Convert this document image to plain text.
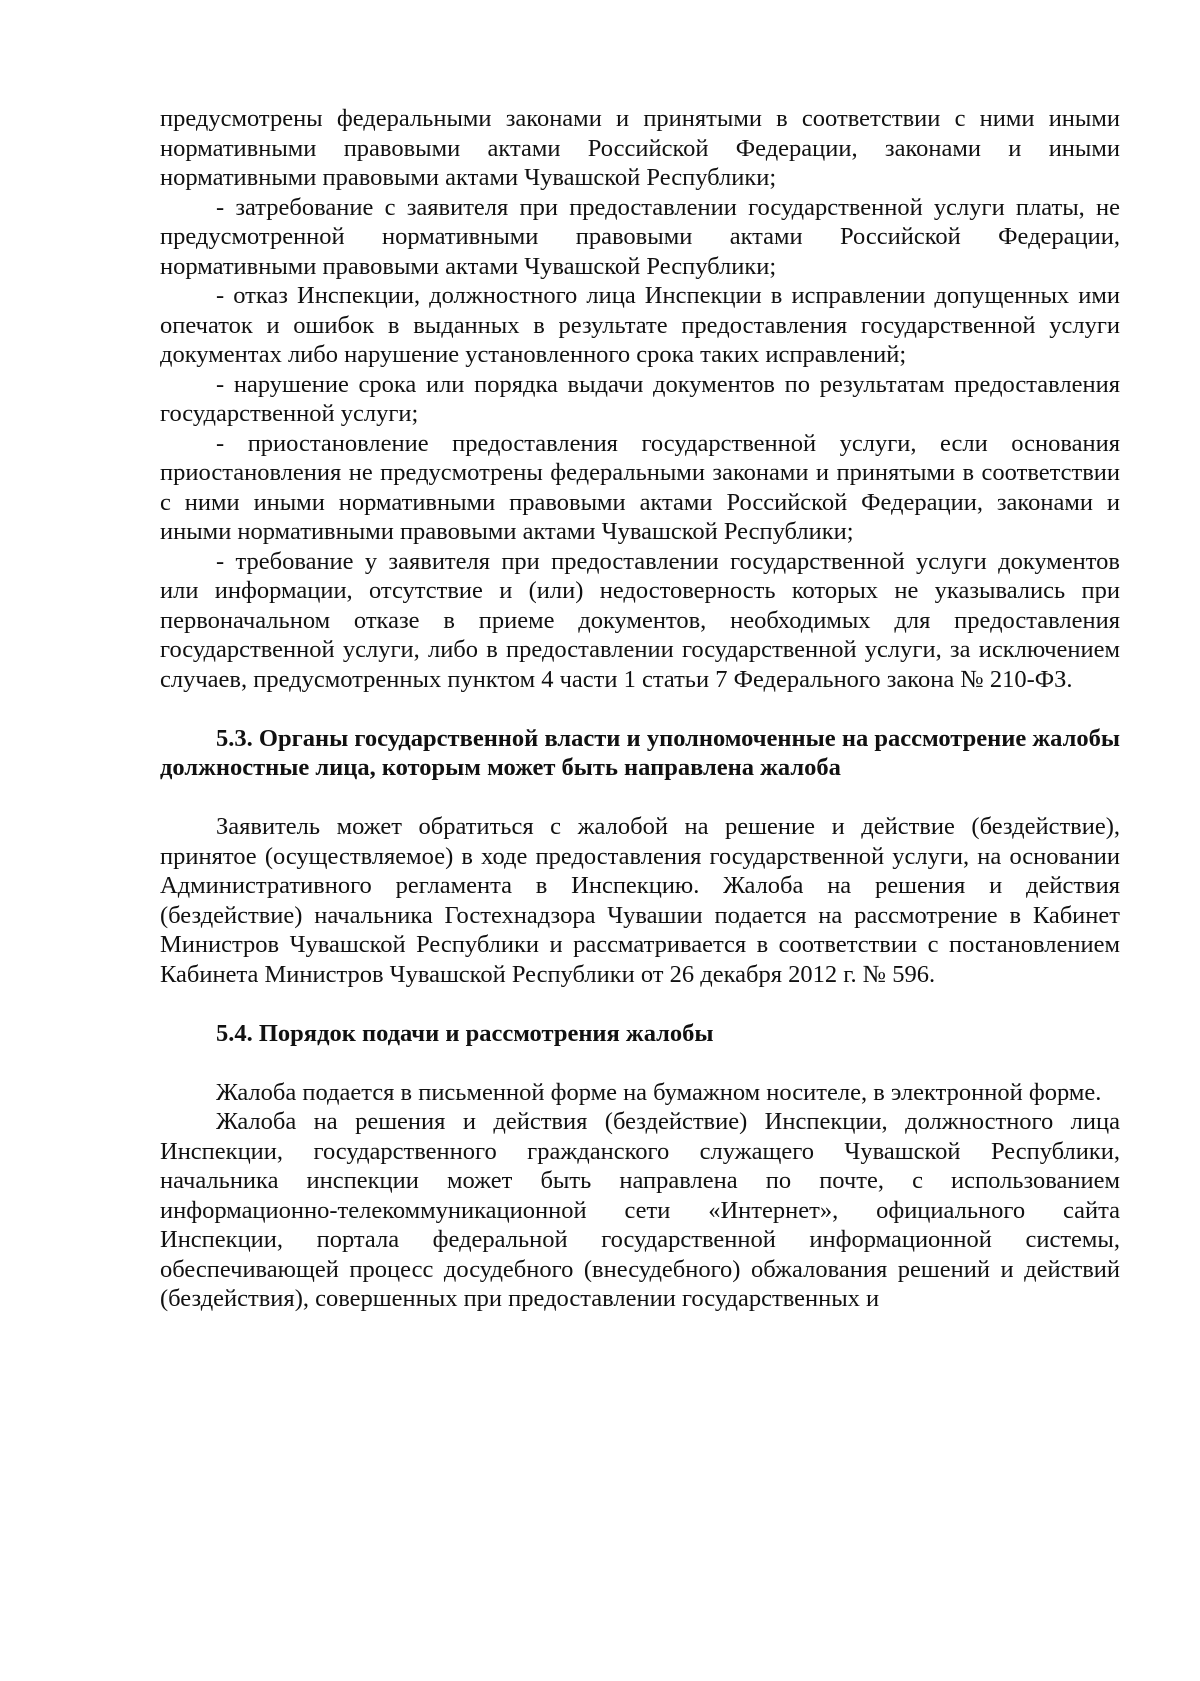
предусмотрены федеральными законами и принятыми в соответствии с ними иными нормативными правовыми актами Российской Федерации, законами и иными нормативными правовыми актами Чувашской Республики;

- затребование с заявителя при предоставлении государственной услуги платы, не предусмотренной нормативными правовыми актами Российской Федерации, нормативными правовыми актами Чувашской Республики;

- отказ Инспекции, должностного лица Инспекции в исправлении допущенных ими опечаток и ошибок в выданных в результате предоставления государственной услуги документах либо нарушение установленного срока таких исправлений;

- нарушение срока или порядка выдачи документов по результатам предоставления государственной услуги;

- приостановление предоставления государственной услуги, если основания приостановления не предусмотрены федеральными законами и принятыми в соответствии с ними иными нормативными правовыми актами Российской Федерации, законами и иными нормативными правовыми актами Чувашской Республики;

- требование у заявителя при предоставлении государственной услуги документов или информации, отсутствие и (или) недостоверность которых не указывались при первоначальном отказе в приеме документов, необходимых для предоставления государственной услуги, либо в предоставлении государственной услуги, за исключением случаев, предусмотренных пунктом 4 части 1 статьи 7 Федерального закона № 210-ФЗ.

5.3. Органы государственной власти и уполномоченные на рассмотрение жалобы должностные лица, которым может быть направлена жалоба

Заявитель может обратиться с жалобой на решение и действие (бездействие), принятое (осуществляемое) в ходе предоставления государственной услуги, на основании Административного регламента в Инспекцию. Жалоба на решения и действия (бездействие) начальника Гостехнадзора Чувашии подается на рассмотрение в Кабинет Министров Чувашской Республики и рассматривается в соответствии с постановлением Кабинета Министров Чувашской Республики от 26 декабря 2012 г. № 596.

5.4. Порядок подачи и рассмотрения жалобы

Жалоба подается в письменной форме на бумажном носителе, в электронной форме.

Жалоба на решения и действия (бездействие) Инспекции, должностного лица Инспекции, государственного гражданского служащего Чувашской Республики, начальника инспекции может быть направлена по почте, с использованием информационно-телекоммуникационной сети «Интернет», официального сайта Инспекции, портала федеральной государственной информационной системы, обеспечивающей процесс досудебного (внесудебного) обжалования решений и действий (бездействия), совершенных при предоставлении государственных и
